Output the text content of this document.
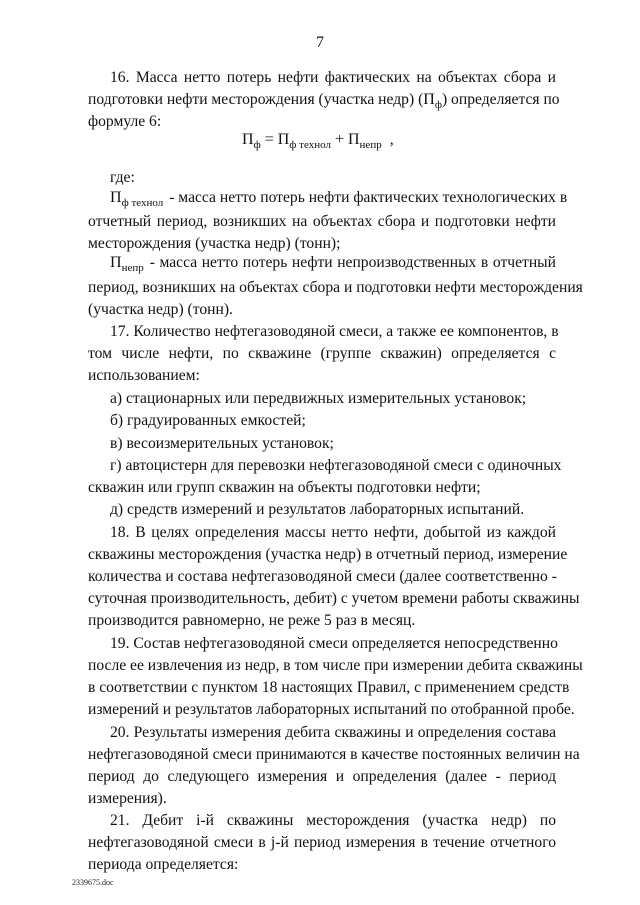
7
16. Масса нетто потерь нефти фактических на объектах сбора и
подготовки нефти месторождения (участка недр) $(П_ф)$ определяется по
формуле 6:
$П_ф = П_{ф технол} + П_{непр}$ ,
где:
$П_{ф технол}$ - масса нетто потерь нефти фактических технологических в
отчетный период, возникших на объектах сбора и подготовки нефти
месторождения (участка недр) (тонн);
$П_{непр}$ - масса нетто потерь нефти непроизводственных в отчетный
период, возникших на объектах сбора и подготовки нефти месторождения
(участка недр) (тонн).
17. Количество нефтегазоводяной смеси, а также ее компонентов, в
том числе нефти, по скважине (группе скважин) определяется с
использованием:
а) стационарных или передвижных измерительных установок;
б) градуированных емкостей;
в) весоизмерительных установок;
г) автоцистерн для перевозки нефтегазоводяной смеси с одиночных
скважин или групп скважин на объекты подготовки нефти;
д) средств измерений и результатов лабораторных испытаний.
18. В целях определения массы нетто нефти, добытой из каждой
скважины месторождения (участка недр) в отчетный период, измерение
количества и состава нефтегазоводяной смеси (далее соответственно -
суточная производительность, дебит) с учетом времени работы скважины
производится равномерно, не реже 5 раз в месяц.
19. Состав нефтегазоводяной смеси определяется непосредственно
после ее извлечения из недр, в том числе при измерении дебита скважины
в соответствии с пунктом 18 настоящих Правил, с применением средств
измерений и результатов лабораторных испытаний по отобранной пробе.
20. Результаты измерения дебита скважины и определения состава
нефтегазоводяной смеси принимаются в качестве постоянных величин на
период до следующего измерения и определения (далее - период
измерения).
21. Дебит i-й скважины месторождения (участка недр) по
нефтегазоводяной смеси в j-й период измерения в течение отчетного
периода определяется:
2339675.doc
